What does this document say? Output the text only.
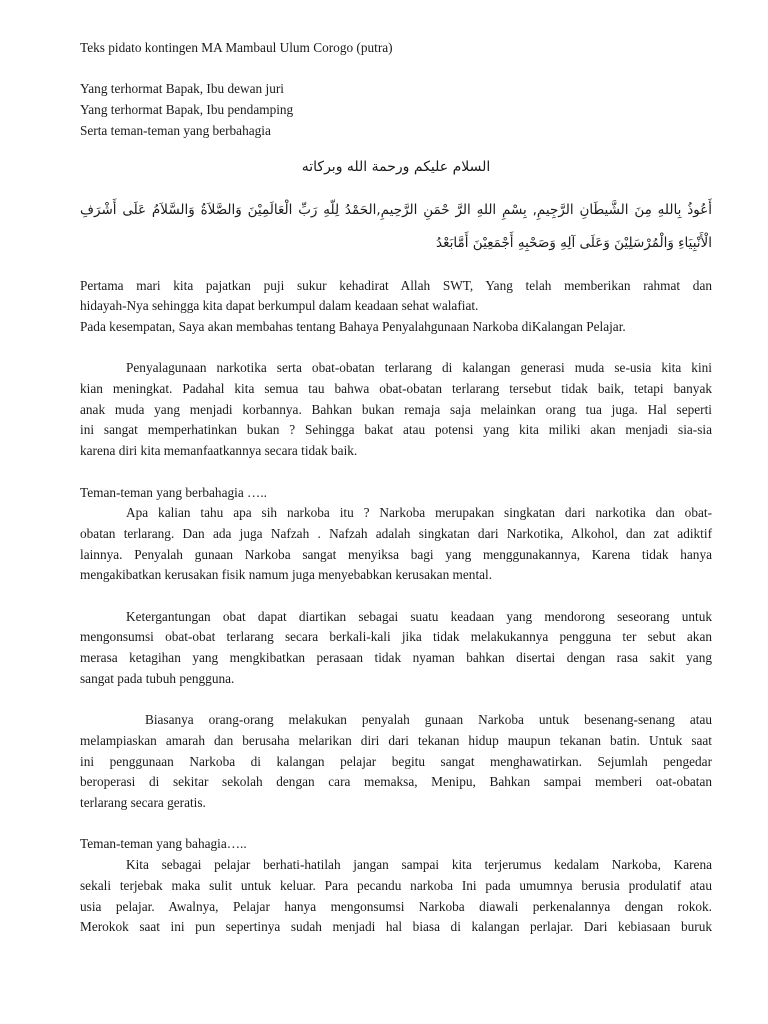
Teks pidato kontingen MA Mambaul Ulum Corogo (putra)
Yang terhormat Bapak, Ibu dewan juri
Yang terhormat Bapak, Ibu pendamping
Serta teman-teman yang berbahagia
السلام عليكم ورحمة الله وبركاته
أَعُوذُ بِاللهِ مِنَ الشَّيطَانِ الرَّجِيمِ, بِسْمِ اللهِ الرَّ حْمَنِ الرَّحِيمِ,الحَمْدُ لِلّهِ رَبِّ الْعَالَمِيْنَ وَالصَّلاَةُ وَالسَّلاَمُ عَلَى أَشْرَفِ الْأَنْبِيَاءِ وَالْمُرْسَلِيْنَ وَعَلَى آلِهِ وَصَحْبِهِ أَجْمَعِيْنَ أَمَّابَعْدُ
Pertama mari kita pajatkan puji sukur kehadirat Allah SWT, Yang telah memberikan rahmat dan
hidayah-Nya sehingga kita dapat berkumpul dalam keadaan sehat walafiat.
Pada kesempatan, Saya akan membahas tentang Bahaya Penyalahgunaan Narkoba diKalangan Pelajar.
Penyalagunaan narkotika serta obat-obatan terlarang di kalangan generasi muda se-usia kita kini
kian meningkat. Padahal kita semua tau bahwa obat-obatan terlarang tersebut tidak baik, tetapi banyak
anak muda yang menjadi korbannya. Bahkan bukan remaja saja melainkan orang tua juga. Hal seperti
ini sangat memperhatinkan bukan ? Sehingga bakat atau potensi yang kita miliki akan menjadi sia-sia
karena diri kita memanfaatkannya secara tidak baik.
Teman-teman yang berbahagia …..
Apa kalian tahu apa sih narkoba itu ? Narkoba merupakan singkatan dari narkotika dan obat-
obatan terlarang. Dan ada juga Nafzah . Nafzah adalah singkatan dari Narkotika, Alkohol, dan zat adiktif
lainnya. Penyalah gunaan Narkoba sangat menyiksa bagi yang menggunakannya, Karena tidak hanya
mengakibatkan kerusakan fisik namum juga menyebabkan kerusakan mental.
Ketergantungan obat dapat diartikan sebagai suatu keadaan yang mendorong seseorang untuk
mengonsumsi obat-obat terlarang secara berkali-kali jika tidak melakukannya pengguna ter sebut akan
merasa ketagihan yang mengkibatkan perasaan tidak nyaman bahkan disertai dengan rasa sakit yang
sangat pada tubuh pengguna.
Biasanya orang-orang melakukan penyalah gunaan Narkoba untuk besenang-senang atau
melampiaskan amarah dan berusaha melarikan diri dari tekanan hidup maupun tekanan batin. Untuk saat
ini penggunaan Narkoba di kalangan pelajar begitu sangat menghawatirkan. Sejumlah pengedar
beroperasi di sekitar sekolah dengan cara memaksa, Menipu, Bahkan sampai memberi oat-obatan
terlarang secara geratis.
Teman-teman yang bahagia…..
Kita sebagai pelajar berhati-hatilah jangan sampai kita terjerumus kedalam Narkoba, Karena
sekali terjebak maka sulit untuk keluar. Para pecandu narkoba Ini pada umumnya berusia produlatif atau
usia pelajar. Awalnya, Pelajar hanya mengonsumsi Narkoba diawali perkenalannya dengan rokok.
Merokok saat ini pun sepertinya sudah menjadi hal biasa di kalangan perlajar. Dari kebiasaan buruk
